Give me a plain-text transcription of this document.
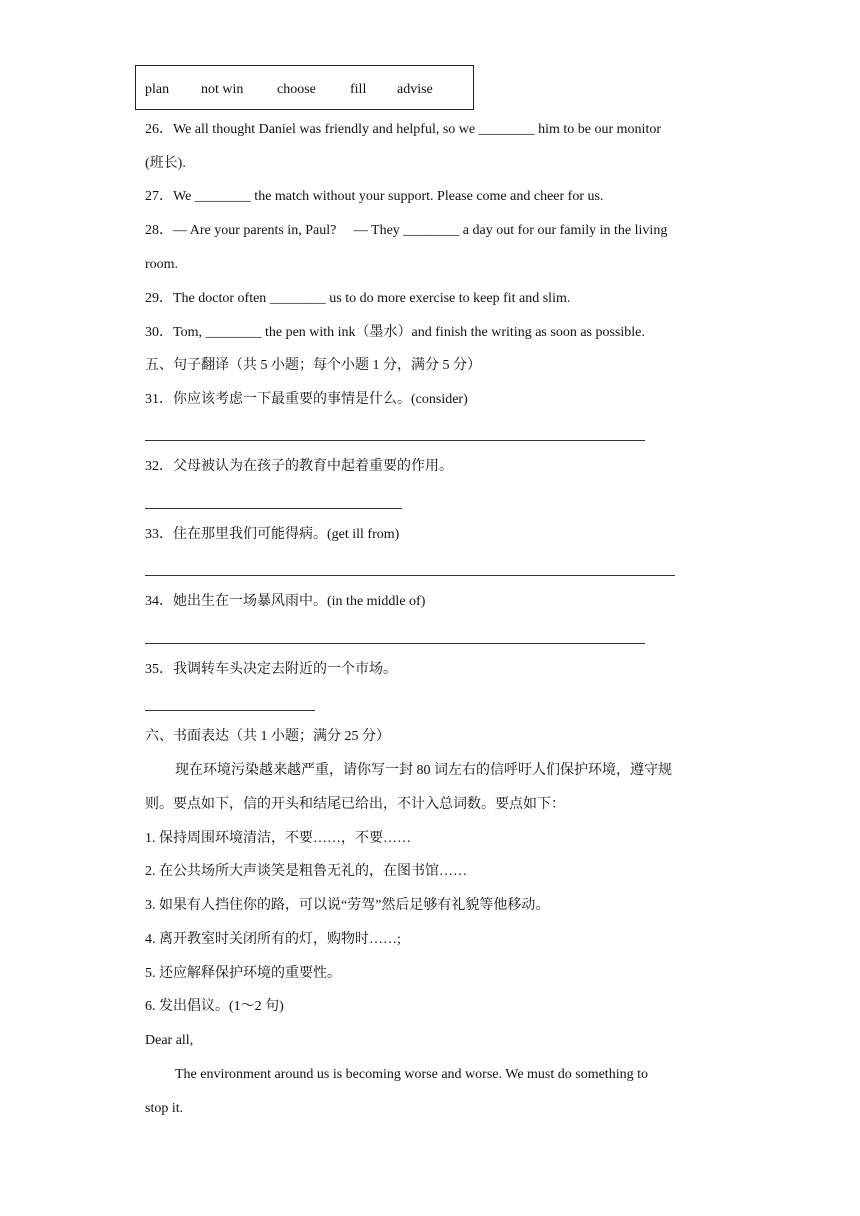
plan not win choose fill advise
26．We all thought Daniel was friendly and helpful, so we ________ him to be our monitor
(班长).
27．We ________ the match without your support. Please come and cheer for us.
28．— Are your parents in, Paul?　 — They ________ a day out for our family in the living
room.
29．The doctor often ________ us to do more exercise to keep fit and slim.
30．Tom, ________ the pen with ink（墨水）and finish the writing as soon as possible.
五、句子翻译（共 5 小题；每个小题 1 分，满分 5 分）
31．你应该考虑一下最重要的事情是什么。(consider)
32．父母被认为在孩子的教育中起着重要的作用。
33．住在那里我们可能得病。(get ill from)
34．她出生在一场暴风雨中。(in the middle of)
35．我调转车头决定去附近的一个市场。
六、书面表达（共 1 小题；满分 25 分）
现在环境污染越来越严重，请你写一封 80 词左右的信呼吁人们保护环境，遵守规
则。要点如下，信的开头和结尾已给出，不计入总词数。要点如下：
1. 保持周围环境清洁，不要……，不要……
2. 在公共场所大声谈笑是粗鲁无礼的，在图书馆……
3. 如果有人挡住你的路，可以说“劳驾”然后足够有礼貌等他移动。
4. 离开教室时关闭所有的灯，购物时……;
5. 还应解释保护环境的重要性。
6. 发出倡议。(1～2 句)
Dear all,
The environment around us is becoming worse and worse. We must do something to
stop it.
